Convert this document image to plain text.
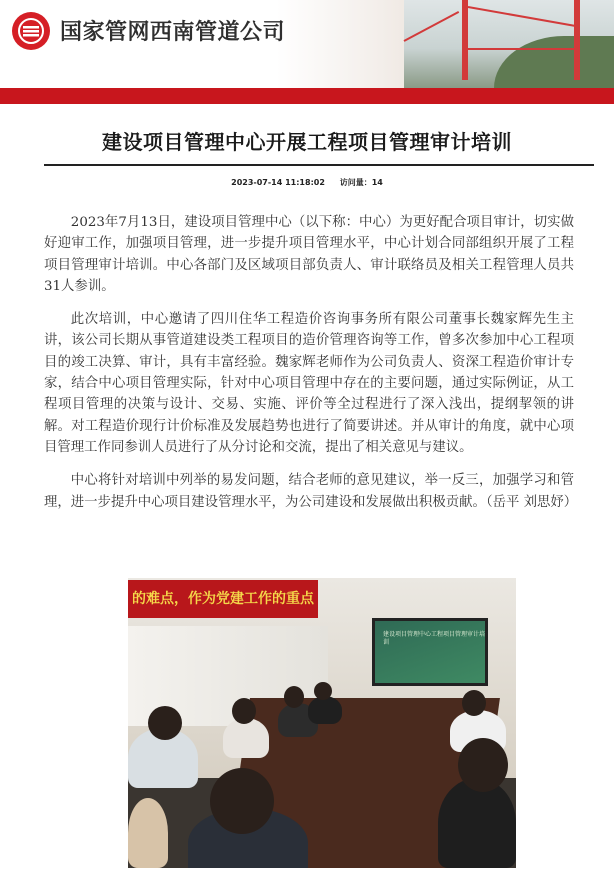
国家管网西南管道公司
建设项目管理中心开展工程项目管理审计培训
2023-07-14 11:18:02 访问量：14

2023年7月13日，建设项目管理中心（以下称：中心）为更好配合项目审计，切实做好迎审工作，加强项目管理，进一步提升项目管理水平，中心计划合同部组织开展了工程项目管理审计培训。中心各部门及区域项目部负责人、审计联络员及相关工程管理人员共31人参训。

此次培训，中心邀请了四川住华工程造价咨询事务所有限公司董事长魏家辉先生主讲，该公司长期从事管道建设类工程项目的造价管理咨询等工作，曾多次参加中心工程项目的竣工决算、审计，具有丰富经验。魏家辉老师作为公司负责人、资深工程造价审计专家，结合中心项目管理实际，针对中心项目管理中存在的主要问题，通过实际例证，从工程项目管理的决策与设计、交易、实施、评价等全过程进行了深入浅出，提纲挈领的讲解。对工程造价现行计价标准及发展趋势也进行了简要讲述。并从审计的角度，就中心项目管理工作同参训人员进行了从分讨论和交流，提出了相关意见与建议。

中心将针对培训中列举的易发问题，结合老师的意见建议，举一反三，加强学习和管理，进一步提升中心项目建设管理水平，为公司建设和发展做出积极贡献。（岳平 刘思妤）

的难点，作为党建工作的重点
建设项目管理中心工程项目管理审计培训
